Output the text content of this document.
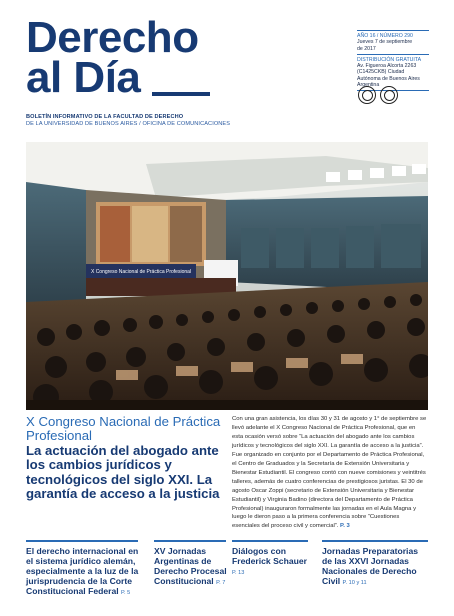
Derecho
al Día
BOLETÍN INFORMATIVO DE LA FACULTAD DE DERECHO
DE LA UNIVERSIDAD DE BUENOS AIRES / OFICINA DE COMUNICACIONES
AÑO 16 / NÚMERO 290
Jueves 7 de septiembre
de 2017
DISTRIBUCIÓN GRATUITA
Av. Figueroa Alcorta 2263
(C1425CKB) Ciudad
Autónoma de Buenos Aires
Argentina
X Congreso Nacional de Práctica Profesional
X Congreso Nacional de Práctica Profesional
La actuación del abogado ante los cambios jurídicos y tecnológicos del siglo XXI. La garantía de acceso a la justicia
Con una gran asistencia, los días 30 y 31 de agosto y 1° de septiembre se llevó adelante el X Congreso Nacional de Práctica Profesional, que en esta ocasión versó sobre “La actuación del abogado ante los cambios jurídicos y tecnológicos del siglo XXI. La garantía de acceso a la justicia”. Fue organizado en conjunto por el Departamento de Práctica Profesional, el Centro de Graduados y la Secretaría de Extensión Universitaria y Bienestar Estudiantil. El congreso contó con nueve comisiones y veintitrés talleres, además de cuatro conferencias de prestigiosos juristas. El 30 de agosto Oscar Zoppi (secretario de Extensión Universitaria y Bienestar Estudiantil) y Virginia Badino (directora del Departamento de Práctica Profesional) inauguraron formalmente las jornadas en el Aula Magna y luego le dieron paso a la primera conferencia sobre “Cuestiones esenciales del proceso civil y comercial”. P. 3
El derecho internacional en el sistema jurídico alemán, especialmente a la luz de la jurisprudencia de la Corte Constitucional Federal P. 5
XV Jornadas Argentinas de Derecho Procesal Constitucional P. 7
Diálogos con Frederick Schauer P. 13
Jornadas Preparatorias de las XXVI Jornadas Nacionales de Derecho Civil P. 10 y 11
